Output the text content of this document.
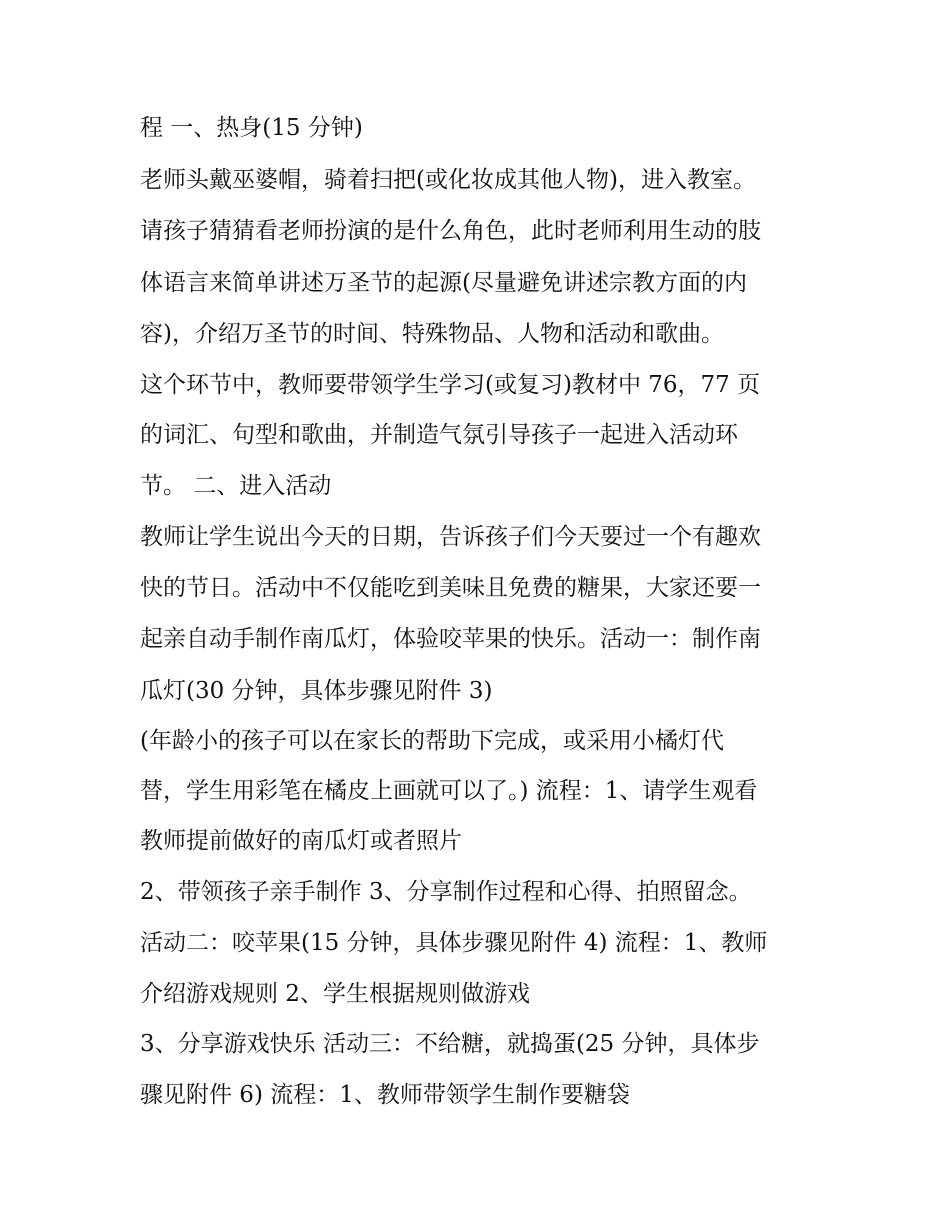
程 一、热身(15 分钟)
老师头戴巫婆帽，骑着扫把(或化妆成其他人物)，进入教室。
请孩子猜猜看老师扮演的是什么角色，此时老师利用生动的肢
体语言来简单讲述万圣节的起源(尽量避免讲述宗教方面的内
容)，介绍万圣节的时间、特殊物品、人物和活动和歌曲。
这个环节中，教师要带领学生学习(或复习)教材中 76，77 页
的词汇、句型和歌曲，并制造气氛引导孩子一起进入活动环
节。 二、进入活动
教师让学生说出今天的日期，告诉孩子们今天要过一个有趣欢
快的节日。活动中不仅能吃到美味且免费的糖果，大家还要一
起亲自动手制作南瓜灯，体验咬苹果的快乐。活动一：制作南
瓜灯(30 分钟，具体步骤见附件 3)
(年龄小的孩子可以在家长的帮助下完成，或采用小橘灯代
替，学生用彩笔在橘皮上画就可以了。) 流程：1、请学生观看
教师提前做好的南瓜灯或者照片
2、带领孩子亲手制作 3、分享制作过程和心得、拍照留念。
活动二：咬苹果(15 分钟，具体步骤见附件 4) 流程：1、教师
介绍游戏规则 2、学生根据规则做游戏
3、分享游戏快乐 活动三：不给糖，就捣蛋(25 分钟，具体步
骤见附件 6) 流程：1、教师带领学生制作要糖袋
